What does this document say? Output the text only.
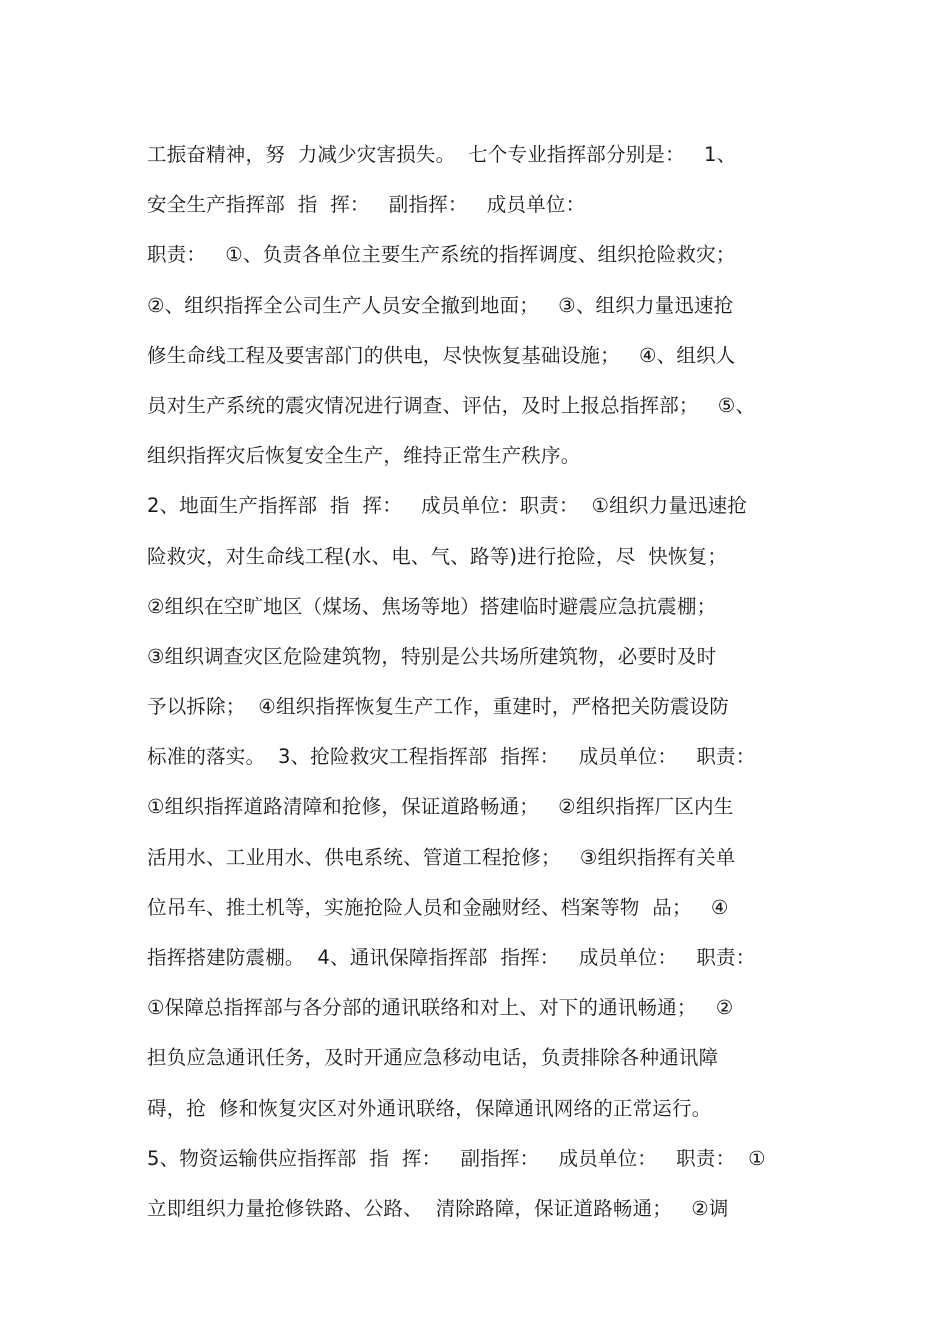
工振奋精神，努  力减少灾害损失。  七个专业指挥部分别是：   1、
安全生产指挥部  指  挥：   副指挥：   成员单位：
职责：   ①、负责各单位主要生产系统的指挥调度、组织抢险救灾；
②、组织指挥全公司生产人员安全撤到地面；   ③、组织力量迅速抢
修生命线工程及要害部门的供电，尽快恢复基础设施；   ④、组织人
员对生产系统的震灾情况进行调查、评估，及时上报总指挥部；   ⑤、
组织指挥灾后恢复安全生产，维持正常生产秩序。
2、地面生产指挥部  指  挥：   成员单位：职责：  ①组织力量迅速抢
险救灾，对生命线工程(水、电、气、路等)进行抢险，尽  快恢复；
②组织在空旷地区（煤场、焦场等地）搭建临时避震应急抗震棚；
③组织调查灾区危险建筑物，特别是公共场所建筑物，必要时及时
予以拆除；  ④组织指挥恢复生产工作，重建时，严格把关防震设防
标准的落实。  3、抢险救灾工程指挥部  指挥：   成员单位：   职责：
①组织指挥道路清障和抢修，保证道路畅通；   ②组织指挥厂区内生
活用水、工业用水、供电系统、管道工程抢修；   ③组织指挥有关单
位吊车、推土机等，实施抢险人员和金融财经、档案等物  品；   ④
指挥搭建防震棚。  4、通讯保障指挥部  指挥：   成员单位：   职责：
①保障总指挥部与各分部的通讯联络和对上、对下的通讯畅通；   ②
担负应急通讯任务，及时开通应急移动电话，负责排除各种通讯障
碍，抢  修和恢复灾区对外通讯联络，保障通讯网络的正常运行。
5、物资运输供应指挥部  指  挥：   副指挥：   成员单位：   职责：  ①
立即组织力量抢修铁路、公路、  清除路障，保证道路畅通；   ②调
